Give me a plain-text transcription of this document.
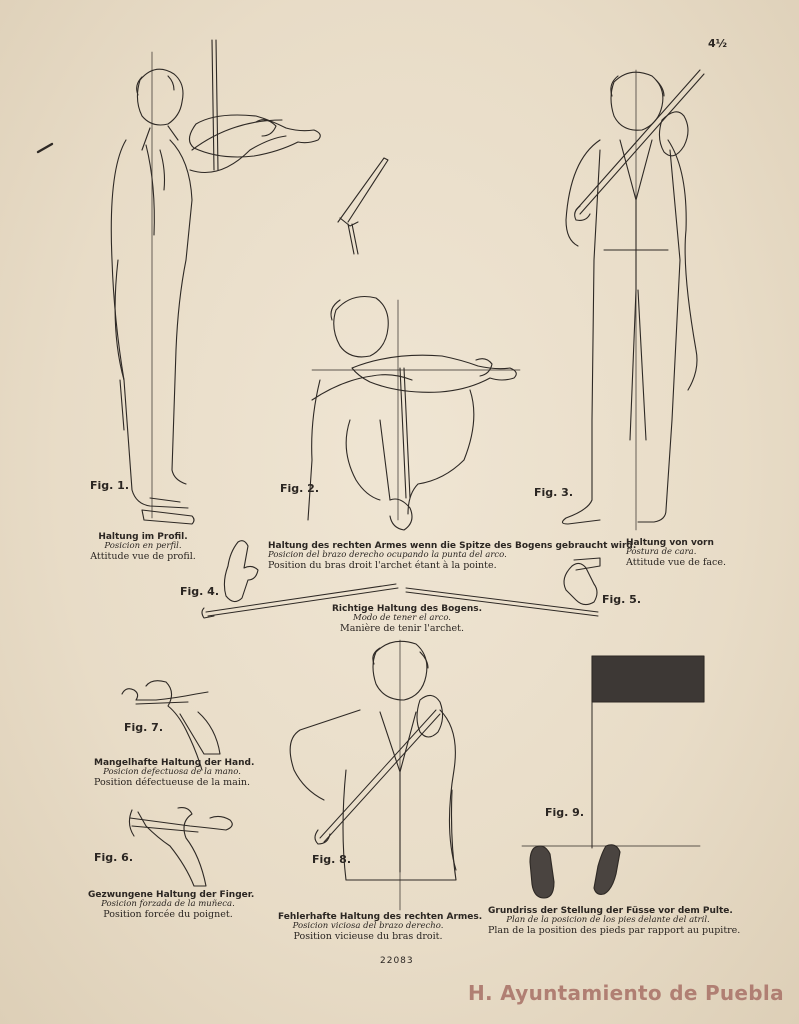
4½
Fig. 1.	Fig. 2.	Fig. 3.
Fig. 4.
Fig. 5.
Fig. 7.
Fig. 6.	Fig. 8.
Fig. 9.
Haltung im Profil.
Posicion en perfil.
Attitude vue de profil.
Haltung des rechten Armes wenn die Spitze des Bogens gebraucht wird.
Posicion del brazo derecho ocupando la punta del arco.
Position du bras droit l'archet étant à la pointe.
Haltung von vorn
Postura de cara.
Attitude vue de face.
Richtige Haltung des Bogens.
Modo de tener el arco.
Manière de tenir l'archet.
Mangelhafte Haltung der Hand.
Posicion defectuosa de la mano.
Position défectueuse de la main.
Gezwungene Haltung der Finger.
Posicion forzada de la muñeca.
Position forcée du poignet.	Fehlerhafte Haltung des rechten Armes.
Posicion viciosa del brazo derecho.
Position vicieuse du bras droit.
Grundriss der Stellung der Füsse vor dem Pulte.
Plan de la posicion de los pies delante del atril.
Plan de la position des pieds par rapport au pupitre.
22083
H. Ayuntamiento de Puebla
